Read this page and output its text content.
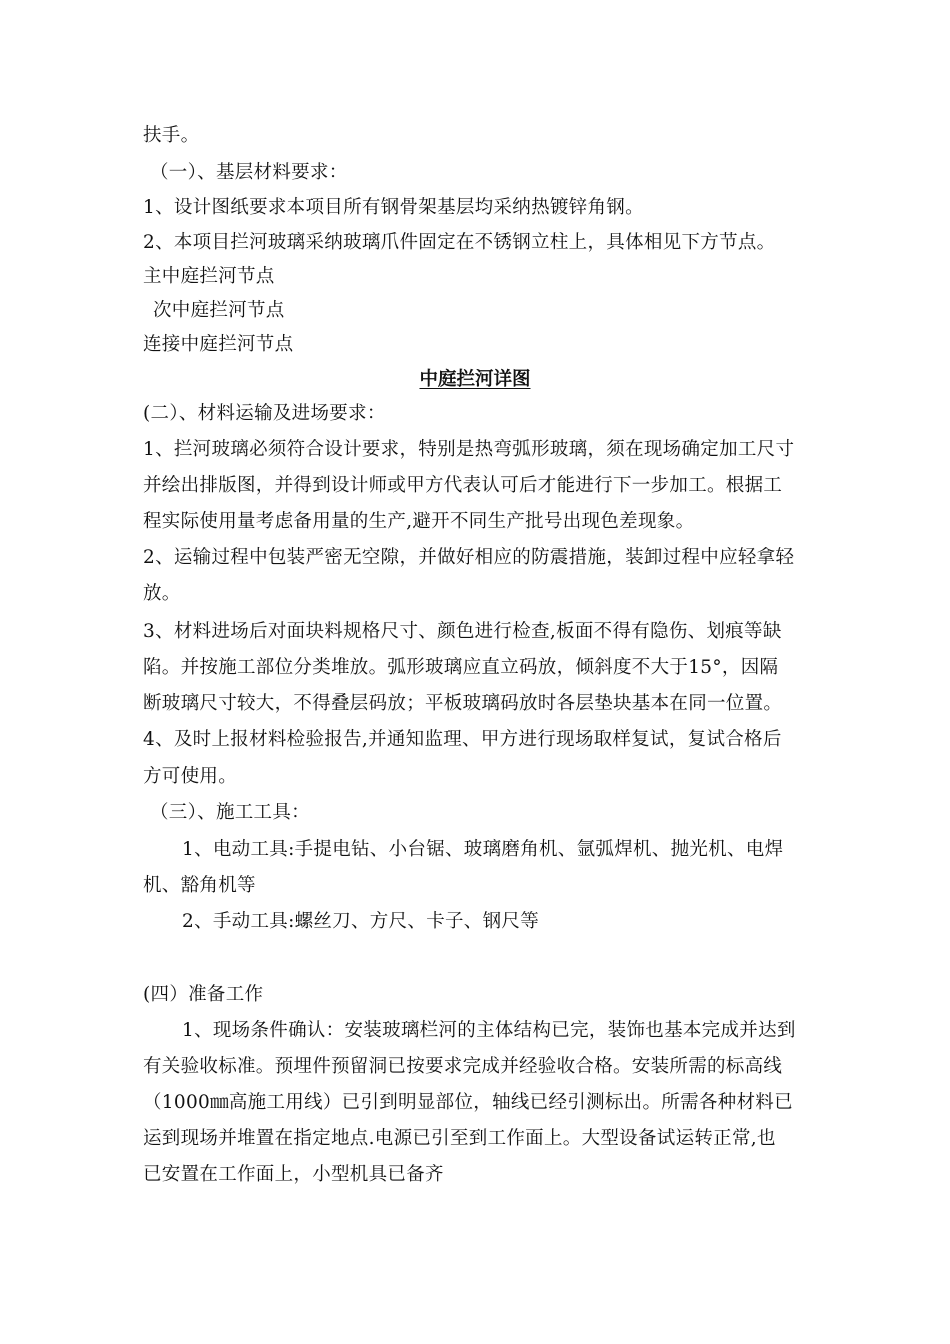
扶手。
（一）、基层材料要求：
1、设计图纸要求本项目所有钢骨架基层均采纳热镀锌角钢。
2、本项目拦河玻璃采纳玻璃爪件固定在不锈钢立柱上，具体相见下方节点。
主中庭拦河节点
次中庭拦河节点
连接中庭拦河节点
中庭拦河详图
(二）、材料运输及进场要求：
1、拦河玻璃必须符合设计要求，特别是热弯弧形玻璃，须在现场确定加工尺寸
并绘出排版图，并得到设计师或甲方代表认可后才能进行下一步加工。根据工
程实际使用量考虑备用量的生产,避开不同生产批号出现色差现象。
2、运输过程中包装严密无空隙，并做好相应的防震措施，装卸过程中应轻拿轻
放。
3、材料进场后对面块料规格尺寸、颜色进行检查,板面不得有隐伤、划痕等缺
陷。并按施工部位分类堆放。弧形玻璃应直立码放，倾斜度不大于15°，因隔
断玻璃尺寸较大，不得叠层码放；平板玻璃码放时各层垫块基本在同一位置。
4、及时上报材料检验报告,并通知监理、甲方进行现场取样复试，复试合格后
方可使用。
（三）、施工工具：
1、电动工具:手提电钻、小台锯、玻璃磨角机、氩弧焊机、抛光机、电焊
机、豁角机等
2、手动工具:螺丝刀、方尺、卡子、钢尺等
(四）准备工作
1、现场条件确认：安装玻璃栏河的主体结构已完，装饰也基本完成并达到
有关验收标准。预埋件预留洞已按要求完成并经验收合格。安装所需的标高线
（1000㎜高施工用线）已引到明显部位，轴线已经引测标出。所需各种材料已
运到现场并堆置在指定地点.电源已引至到工作面上。大型设备试运转正常,也
已安置在工作面上，小型机具已备齐
